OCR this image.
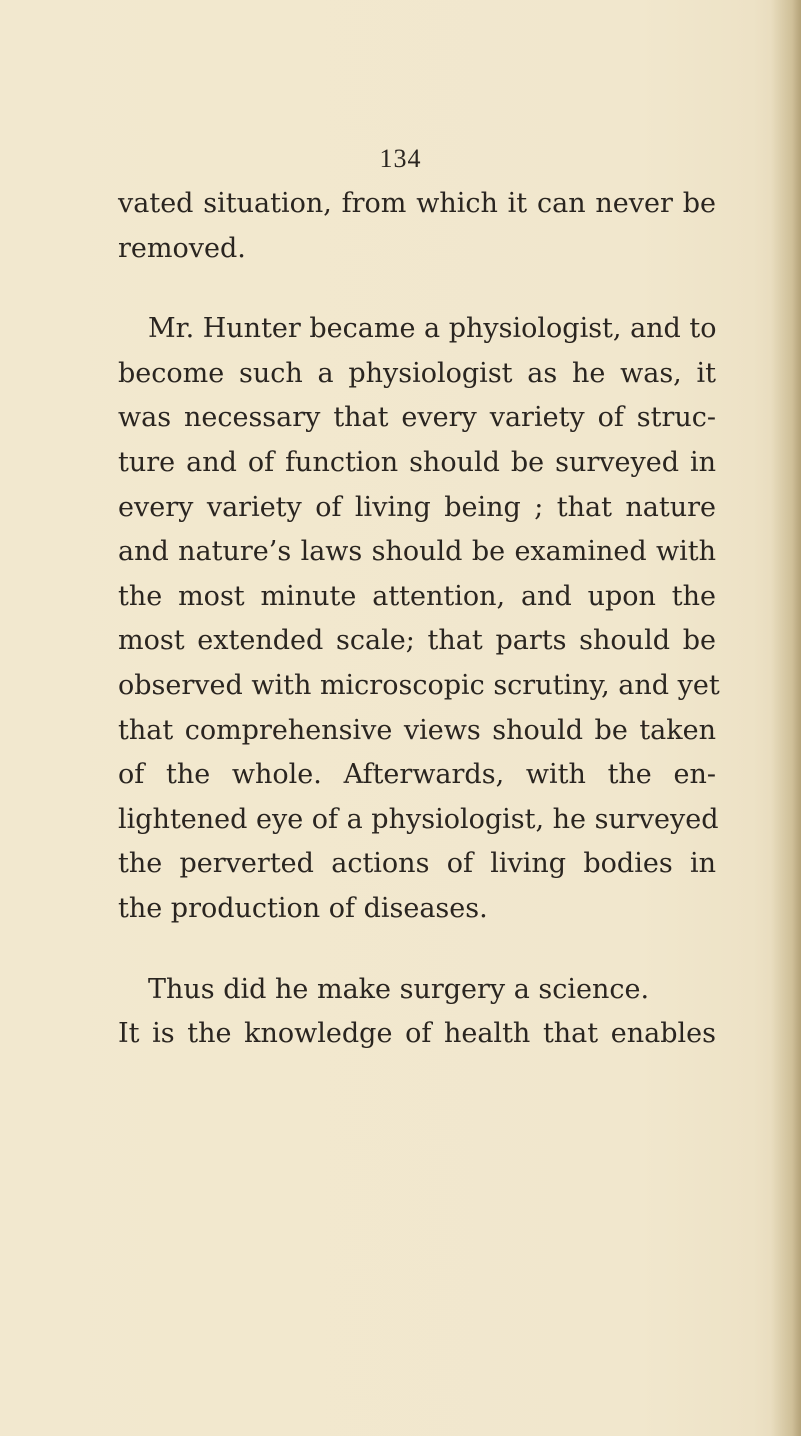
134

vated situation, from which it can never be
removed.
Mr. Hunter became a physiologist, and to
become such a physiologist as he was, it
was necessary that every variety of struc-
ture and of function should be surveyed in
every variety of living being ; that nature
and nature’s laws should be examined with
the most minute attention, and upon the
most extended scale; that parts should be
observed with microscopic scrutiny, and yet
that comprehensive views should be taken
of the whole. Afterwards, with the en-
lightened eye of a physiologist, he surveyed
the perverted actions of living bodies in
the production of diseases.
Thus did he make surgery a science.
It is the knowledge of health that enables
